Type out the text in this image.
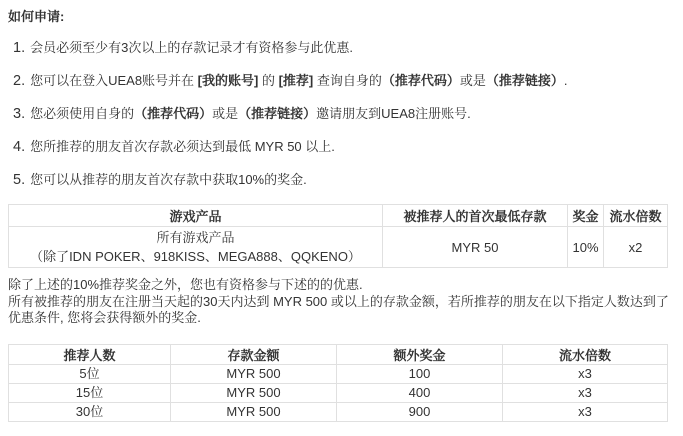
如何申请:
1. 会员必须至少有3次以上的存款记录才有资格参与此优惠.
2. 您可以在登入UEA8账号并在 [我的账号] 的 [推荐] 查询自身的（推荐代码）或是（推荐链接）.
3. 您必须使用自身的（推荐代码）或是（推荐链接）邀请朋友到UEA8注册账号.
4. 您所推荐的朋友首次存款必须达到最低 MYR 50 以上.
5. 您可以从推荐的朋友首次存款中获取10%的奖金.
游戏产品	被推荐人的首次最低存款	奖金	流水倍数

所有游戏产品
（除了IDN POKER、918KISS、MEGA888、QQKENO）	MYR 50	10%	x2
除了上述的10%推荐奖金之外，您也有资格参与下述的的优惠.
所有被推荐的朋友在注册当天起的30天内达到 MYR 500 或以上的存款金额，若所推荐的朋友在以下指定人数达到了优惠条件, 您将会获得额外的奖金.
推荐人数	存款金额	额外奖金	流水倍数

5位	MYR 500	100	x3

15位	MYR 500	400	x3

30位	MYR 500	900	x3
